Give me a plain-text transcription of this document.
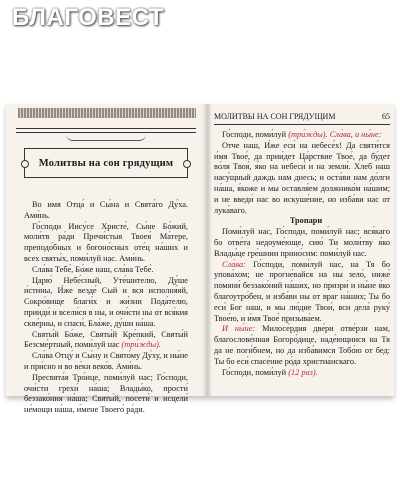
БЛАГОВЕСТ
Молитвы на сон грядущим

Во имя Отца́ и Сы́на и Свята́го Ду́ха. Ами́нь.

Го́споди Иису́се Христе́, Сы́не Бо́жий, моли́тв ра́ди Пречи́стыя Твоея́ Ма́тере, преподо́бных и богоно́сных оте́ц на́ших и всех святы́х, поми́луй нас. Ами́нь.

Сла́ва Тебе́, Бо́же наш, сла́ва Тебе́.

Царю́ Небе́сный, Уте́шителю, Ду́ше и́стины, И́же везде́ Сый и вся исполня́яй, Сокро́вище благи́х и жи́зни Пода́телю, прииди́ и всели́ся в ны, и очи́сти ны от вся́кия скве́рны, и спаси́, Бла́же, ду́ши на́ша.

Святы́й Бо́же, Святы́й Кре́пкий, Святы́й Безсме́ртный, поми́луй нас (три́жды).

Сла́ва Отцу́ и Сы́ну и Свято́му Ду́ху, и ны́не и при́сно и во ве́ки веко́в. Ами́нь.

Пресвята́я Тро́ице, поми́луй нас; Го́споди, очи́сти грехи́ на́ша; Влады́ко, прости́ беззако́ния на́ша; Святы́й, посети́ и исцели́ не́мощи на́ша, и́мене Твоего́ ра́ди.

МОЛИТВЫ НА СОН ГРЯДУЩИМ	65

Го́споди, поми́луй (три́жды). Сла́ва, и ны́не:

Отче наш, И́же еси́ на небесе́х! Да святи́тся и́мя Твое́, да прии́дет Ца́рствие Твое́, да бу́дет во́ля Твоя́, я́ко на небеси́ и на земли́. Хлеб наш насу́щный даждь нам днесь; и оста́ви нам до́лги на́ша, я́коже и мы оставля́ем должнико́м на́шим; и не введи́ нас во искуше́ние, но изба́ви нас от лука́ваго.

Тропари

Поми́луй нас, Го́споди, поми́луй нас; вся́каго бо отве́та недоуме́юще, сию́ Ти моли́тву я́ко Влады́це гре́шнии прино́сим: поми́луй нас.

Сла́ва: Го́споди, поми́луй нас, на Тя бо упова́хом; не прогне́вайся на ны зело́, ниже́ помяни́ беззако́ний на́ших, но призри́ и ны́не я́ко благоутро́бен, и изба́ви ны от враг на́ших; Ты бо еси́ Бог наш, и мы лю́дие Твои́, вси дела́ руку́ Твое́ю, и и́мя Твое́ призыва́ем.

И ны́не: Милосе́рдия две́ри отве́рзи нам, благослове́нная Богоро́дице, наде́ющиися на Тя да не поги́бнем, но да изба́вимся Тобо́ю от бед: Ты бо еси́ спасе́ние ро́да христиа́нскаго.

Го́споди, поми́луй (12 раз).
